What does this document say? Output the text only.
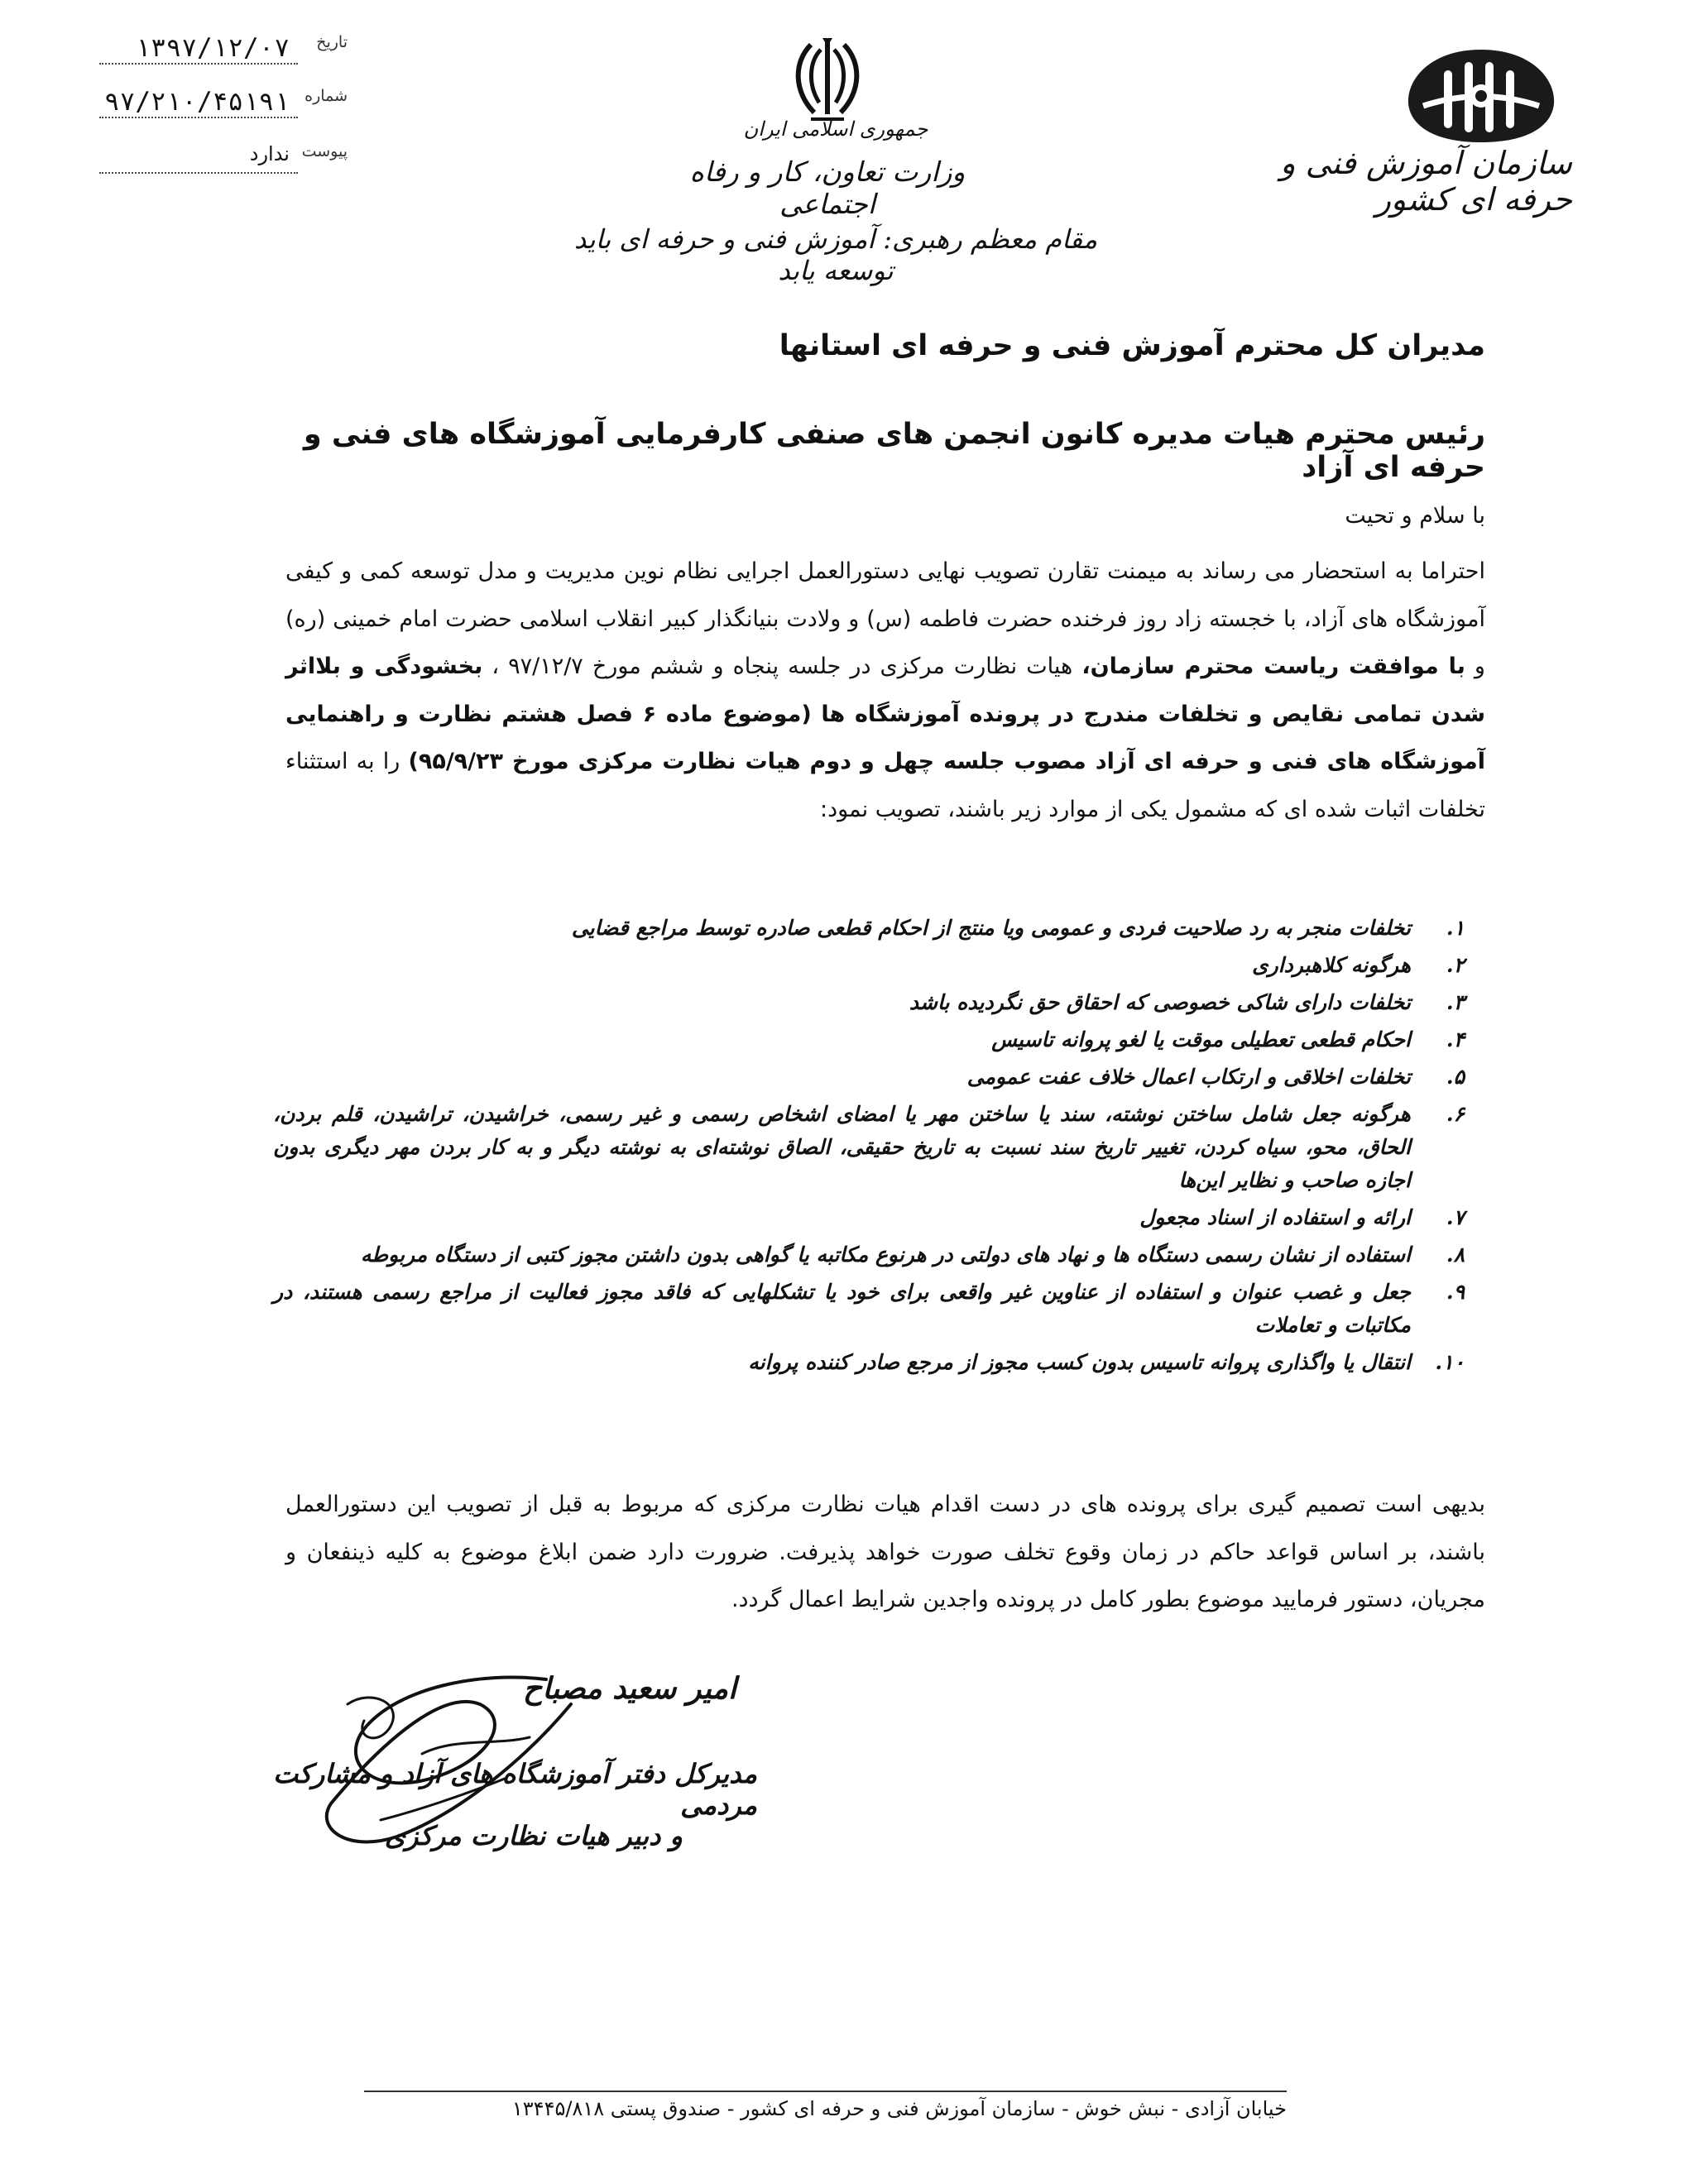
سازمان آموزش فنی و حرفه ای کشور
جمهوری اسلامی ایران
وزارت تعاون، کار و رفاه اجتماعی
مقام معظم رهبری: آموزش فنی و حرفه ای باید توسعه یابد
تاریخ
۱۳۹۷/۱۲/۰۷
شماره
۹۷/۲۱۰/۴۵۱۹۱
پیوست
ندارد
مدیران کل محترم آموزش فنی و حرفه ای استانها
رئیس محترم هیات مدیره کانون انجمن های صنفی کارفرمایی آموزشگاه های فنی و حرفه ای آزاد
با سلام و تحیت
احتراما به استحضار می رساند به میمنت تقارن تصویب نهایی دستورالعمل اجرایی نظام نوین مدیریت و مدل توسعه کمی و کیفی آموزشگاه های آزاد، با خجسته زاد روز فرخنده حضرت فاطمه (س) و ولادت بنیانگذار کبیر انقلاب اسلامی حضرت امام خمینی (ره) و با موافقت ریاست محترم سازمان، هیات نظارت مرکزی در جلسه پنجاه و ششم مورخ ۹۷/۱۲/۷ ، بخشودگی و بلااثر شدن تمامی نقایص و تخلفات مندرج در پرونده آموزشگاه ها (موضوع ماده ۶ فصل هشتم نظارت و راهنمایی آموزشگاه های فنی و حرفه ای آزاد مصوب جلسه چهل و دوم هیات نظارت مرکزی مورخ ۹۵/۹/۲۳) را به استثناء تخلفات اثبات شده ای که مشمول یکی از موارد زیر باشند، تصویب نمود:
۱.
تخلفات منجر به رد صلاحیت فردی و عمومی ویا منتج از احکام قطعی صادره توسط مراجع قضایی
۲.
هرگونه کلاهبرداری
۳.
تخلفات دارای شاکی خصوصی که احقاق حق نگردیده باشد
۴.
احکام قطعی تعطیلی موقت یا لغو پروانه تاسیس
۵.
تخلفات اخلاقی و ارتکاب اعمال خلاف عفت عمومی
۶.
هرگونه جعل شامل ساختن نوشته، سند یا ساختن مهر یا امضای اشخاص رسمی و غیر رسمی، خراشیدن، تراشیدن، قلم بردن، الحاق، محو، سیاه کردن، تغییر تاریخ سند نسبت به تاریخ حقیقی، الصاق نوشته‌ای به نوشته دیگر و به کار بردن مهر دیگری بدون اجازه صاحب و نظایر این‌ها
۷.
ارائه و استفاده از اسناد مجعول
۸.
استفاده از نشان رسمی دستگاه ها و نهاد های دولتی در هرنوع مکاتبه یا گواهی بدون داشتن مجوز کتبی از دستگاه مربوطه
۹.
جعل و غصب عنوان و استفاده از عناوین غیر واقعی برای خود یا تشکلهایی که فاقد مجوز فعالیت از مراجع رسمی هستند، در مکاتبات و تعاملات
۱۰.
انتقال یا واگذاری پروانه تاسیس بدون کسب مجوز از مرجع صادر کننده پروانه
بدیهی است تصمیم گیری برای پرونده های در دست اقدام هیات نظارت مرکزی که مربوط به قبل از تصویب این دستورالعمل باشند، بر اساس قواعد حاکم در زمان وقوع تخلف صورت خواهد پذیرفت. ضرورت دارد ضمن ابلاغ موضوع به کلیه ذینفعان و مجریان، دستور فرمایید موضوع بطور کامل در پرونده واجدین شرایط اعمال گردد.
امیر سعید مصباح
مدیرکل دفتر آموزشگاه های آزاد و مشارکت مردمی
و دبیر هیات نظارت مرکزی
خیابان آزادی - نبش خوش - سازمان آموزش فنی و حرفه ای کشور - صندوق پستی ۱۳۴۴۵/۸۱۸
